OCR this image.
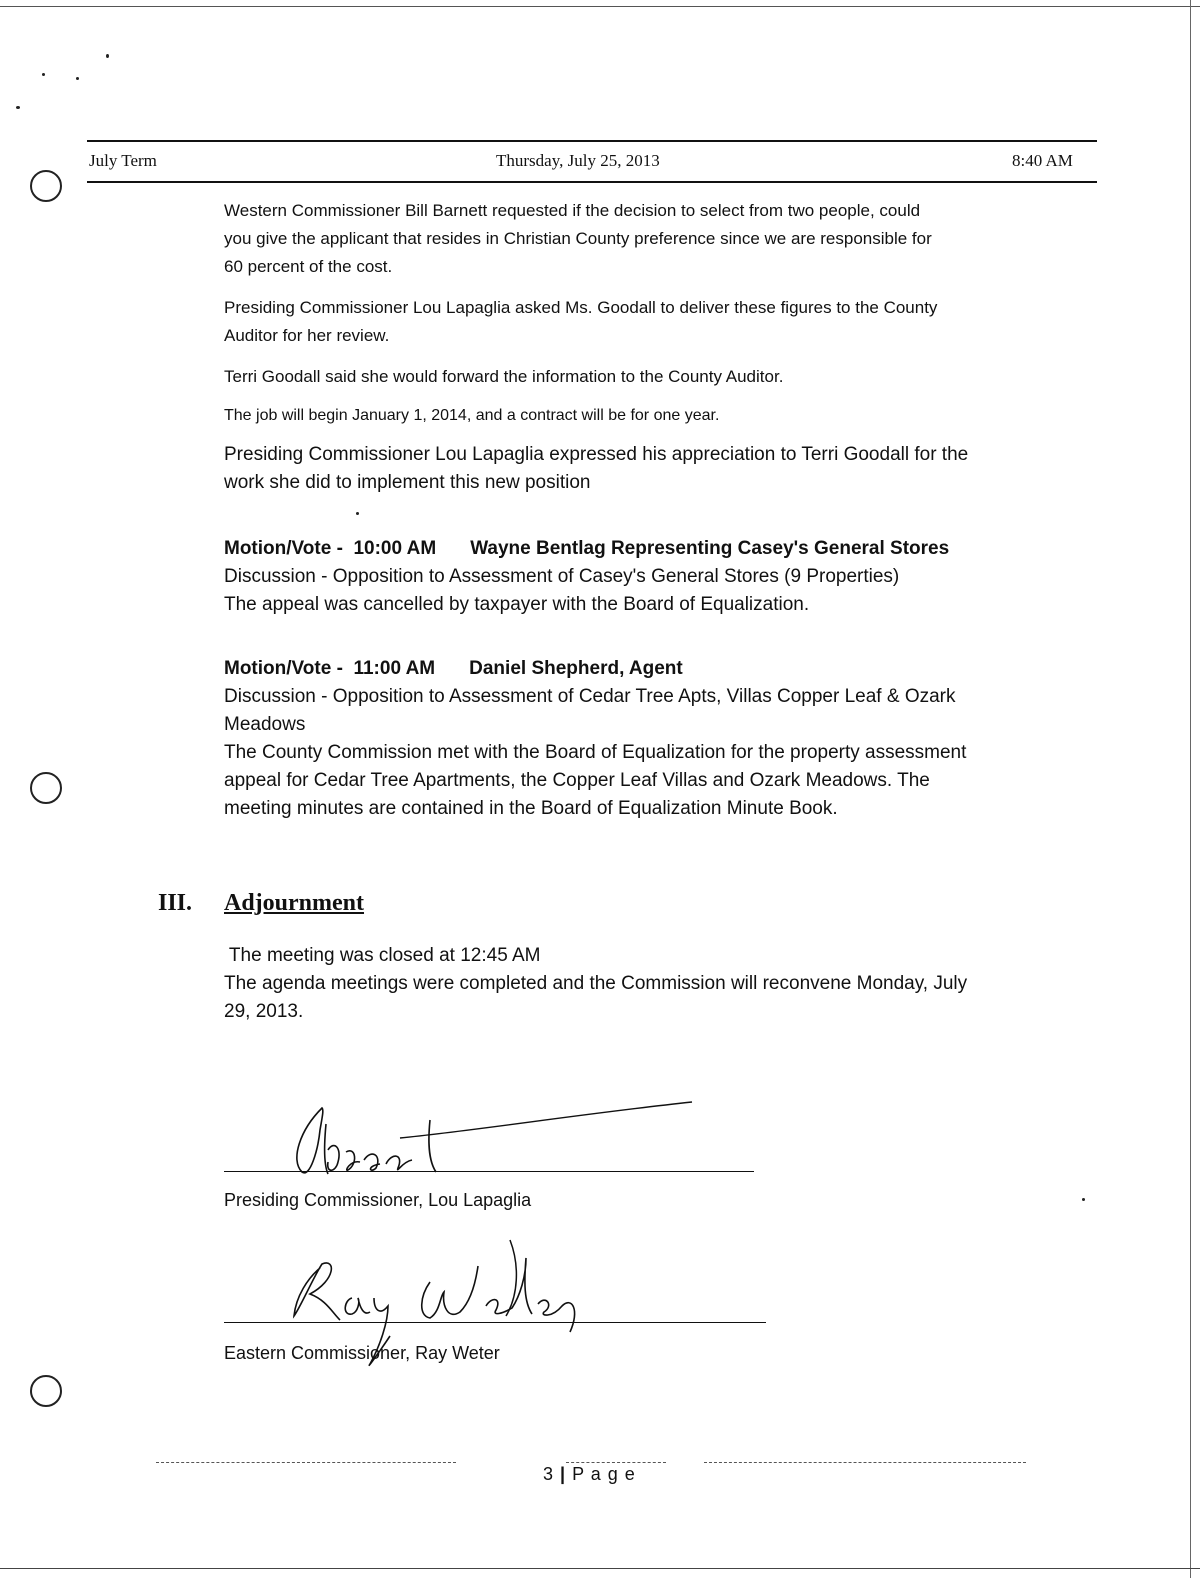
July Term	Thursday, July 25, 2013	8:40 AM

Western Commissioner Bill Barnett requested if the decision to select from two people, could
you give the applicant that resides in Christian County preference since we are responsible for
60 percent of the cost.

Presiding Commissioner Lou Lapaglia asked Ms. Goodall to deliver these figures to the County
Auditor for her review.

Terri Goodall said she would forward the information to the County Auditor.

The job will begin January 1, 2014, and a contract will be for one year.

Presiding Commissioner Lou Lapaglia expressed his appreciation to Terri Goodall for the
work she did to implement this new position

Motion/Vote - 10:00 AM Wayne Bentlag Representing Casey's General Stores
Discussion - Opposition to Assessment of Casey's General Stores (9 Properties)
The appeal was cancelled by taxpayer with the Board of Equalization.
Motion/Vote - 11:00 AM Daniel Shepherd, Agent
Discussion - Opposition to Assessment of Cedar Tree Apts, Villas Copper Leaf & Ozark
Meadows
The County Commission met with the Board of Equalization for the property assessment
appeal for Cedar Tree Apartments, the Copper Leaf Villas and Ozark Meadows. The
meeting minutes are contained in the Board of Equalization Minute Book.
III. Adjournment
The meeting was closed at 12:45 AM
The agenda meetings were completed and the Commission will reconvene Monday, July
29, 2013.
Presiding Commissioner, Lou Lapaglia
Eastern Commissioner, Ray Weter
3 | P a g e
